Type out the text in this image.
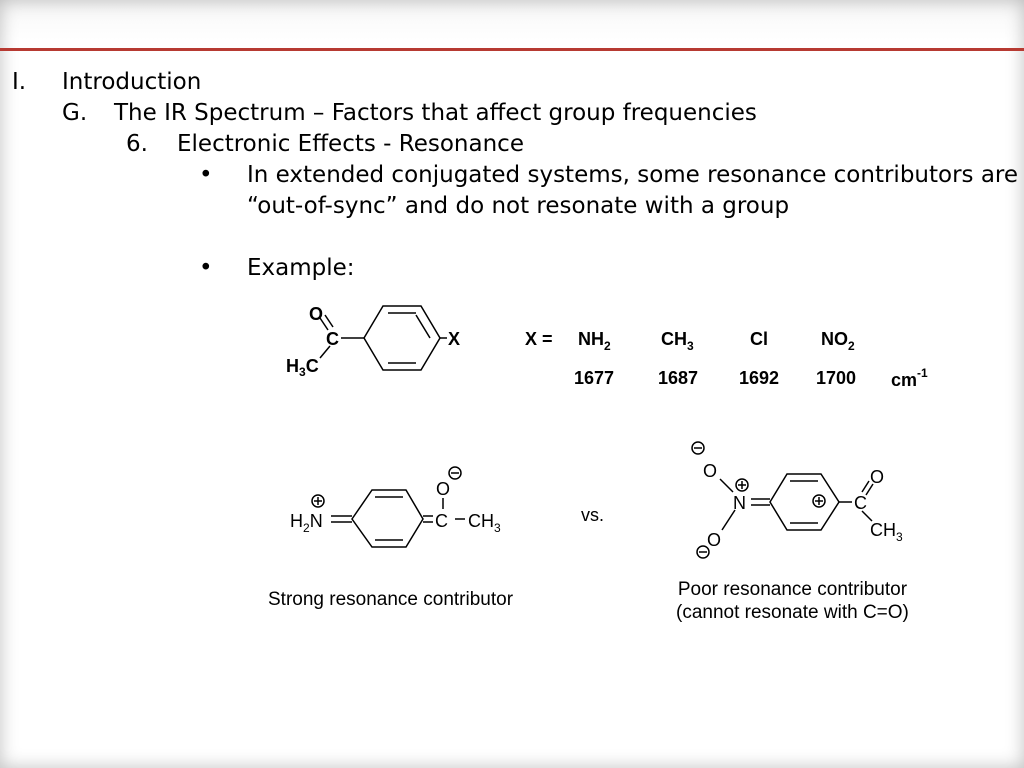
I. Introduction
G. The IR Spectrum – Factors that affect group frequencies
6. Electronic Effects - Resonance
• In extended conjugated systems, some resonance contributors are
“out-of-sync” and do not resonate with a group
• Example:
O
C
$H_3C$
X	$X = NH_2$	$CH_3$	Cl	$NO_2$
1677 1687 1692 1700 $cm^{-1}$
$H_2N$	C
O
$CH_3$
vs.
N
O
O
C
O
$CH_3$
Strong resonance contributor	Poor resonance contributor
(cannot resonate with C=O)
